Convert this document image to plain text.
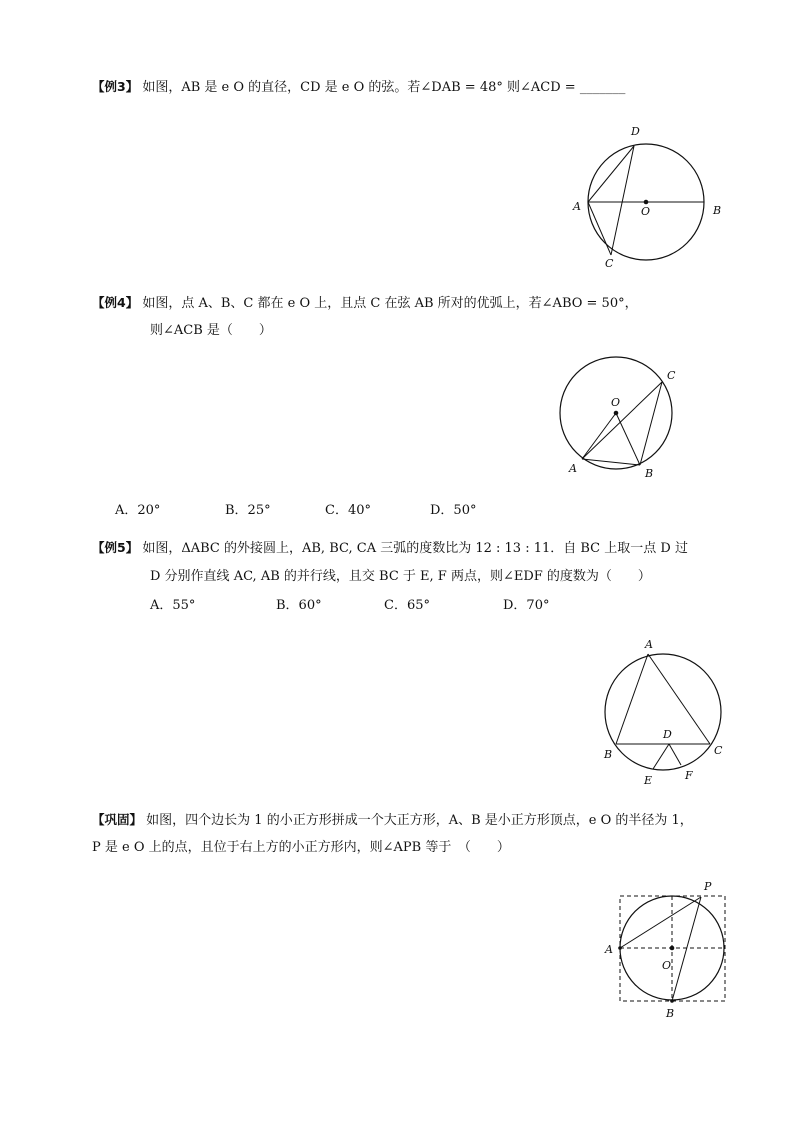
【例3】 如图，AB 是 e O 的直径，CD 是 e O 的弦。若∠DAB = 48° 则∠ACD = _______
D
A	O	B
C
【例4】 如图，点 A、B、C 都在 e O 上，且点 C 在弦 AB 所对的优弧上，若∠ABO = 50°，
则∠ACB 是（　　）
O
C
A	B
A．20°	B．25°	C．40°	D．50°
【例5】 如图，ΔABC 的外接圆上，AB, BC, CA 三弧的度数比为 12 : 13 : 11．自 BC 上取一点 D 过
D 分别作直线 AC, AB 的并行线，且交 BC 于 E, F 两点，则∠EDF 的度数为（　　）
A．55°	B．60°	C．65°	D．70°
A
D
B	C
E	F
【巩固】 如图，四个边长为 1 的小正方形拼成一个大正方形，A、B 是小正方形顶点，e O 的半径为 1，
P 是 e O 上的点，且位于右上方的小正方形内，则∠APB 等于　（　　）
P
A
O
B
